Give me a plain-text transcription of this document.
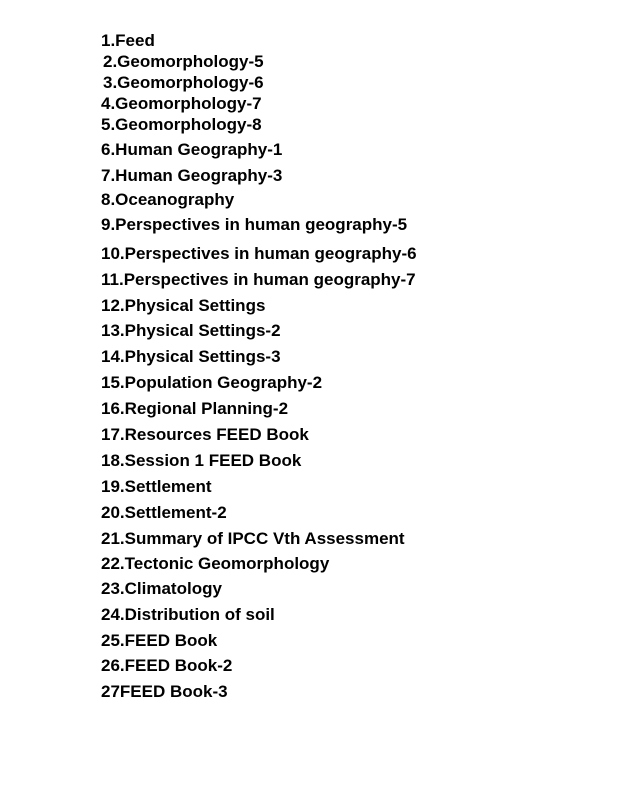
1.Feed
2.Geomorphology-5
3.Geomorphology-6
4.Geomorphology-7
5.Geomorphology-8
6.Human Geography-1
7.Human Geography-3
8.Oceanography
9.Perspectives in human geography-5
10.Perspectives in human geography-6
11.Perspectives in human geography-7
12.Physical Settings
13.Physical Settings-2
14.Physical Settings-3
15.Population Geography-2
16.Regional Planning-2
17.Resources FEED Book
18.Session 1 FEED Book
19.Settlement
20.Settlement-2
21.Summary of IPCC Vth Assessment
22.Tectonic Geomorphology
23.Climatology
24.Distribution of soil
25.FEED Book
26.FEED Book-2
27FEED Book-3
